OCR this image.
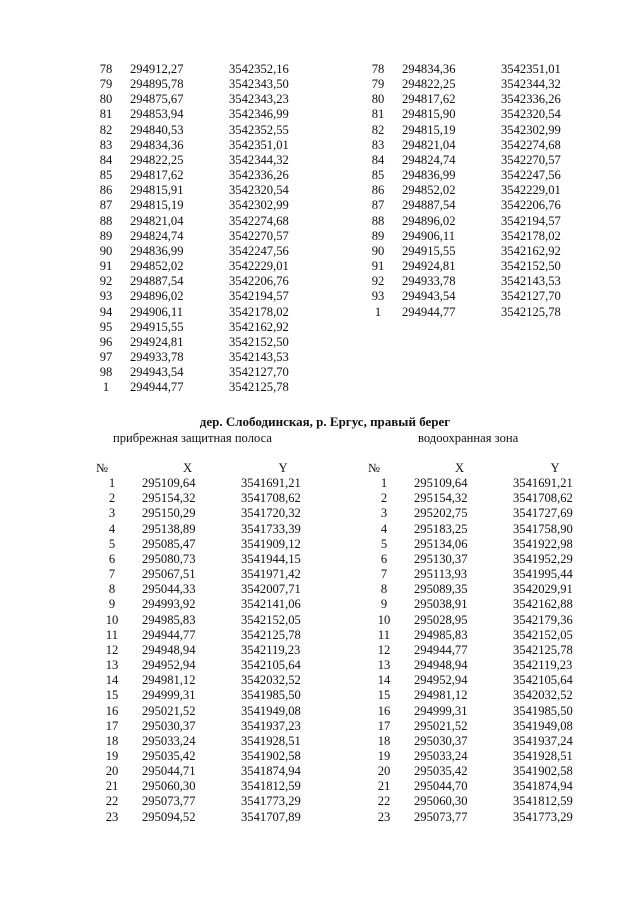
78	294912,27	3542352,16
79	294895,78	3542343,50
80	294875,67	3542343,23
81	294853,94	3542346,99
82	294840,53	3542352,55
83	294834,36	3542351,01
84	294822,25	3542344,32
85	294817,62	3542336,26
86	294815,91	3542320,54
87	294815,19	3542302,99
88	294821,04	3542274,68
89	294824,74	3542270,57
90	294836,99	3542247,56
91	294852,02	3542229,01
92	294887,54	3542206,76
93	294896,02	3542194,57
94	294906,11	3542178,02
95	294915,55	3542162,92
96	294924,81	3542152,50
97	294933,78	3542143,53
98	294943,54	3542127,70
1	294944,77	3542125,78
78	294834,36	3542351,01
79	294822,25	3542344,32
80	294817,62	3542336,26
81	294815,90	3542320,54
82	294815,19	3542302,99
83	294821,04	3542274,68
84	294824,74	3542270,57
85	294836,99	3542247,56
86	294852,02	3542229,01
87	294887,54	3542206,76
88	294896,02	3542194,57
89	294906,11	3542178,02
90	294915,55	3542162,92
91	294924,81	3542152,50
92	294933,78	3542143,53
93	294943,54	3542127,70
1	294944,77	3542125,78
дер. Слободинская, р. Ергус, правый берег
прибрежная защитная полоса	водоохранная зона
№	X	Y
1	295109,64	3541691,21
2	295154,32	3541708,62
3	295150,29	3541720,32
4	295138,89	3541733,39
5	295085,47	3541909,12
6	295080,73	3541944,15
7	295067,51	3541971,42
8	295044,33	3542007,71
9	294993,92	3542141,06
10	294985,83	3542152,05
11	294944,77	3542125,78
12	294948,94	3542119,23
13	294952,94	3542105,64
14	294981,12	3542032,52
15	294999,31	3541985,50
16	295021,52	3541949,08
17	295030,37	3541937,23
18	295033,24	3541928,51
19	295035,42	3541902,58
20	295044,71	3541874,94
21	295060,30	3541812,59
22	295073,77	3541773,29
23	295094,52	3541707,89
№	X	Y
1	295109,64	3541691,21
2	295154,32	3541708,62
3	295202,75	3541727,69
4	295183,25	3541758,90
5	295134,06	3541922,98
6	295130,37	3541952,29
7	295113,93	3541995,44
8	295089,35	3542029,91
9	295038,91	3542162,88
10	295028,95	3542179,36
11	294985,83	3542152,05
12	294944,77	3542125,78
13	294948,94	3542119,23
14	294952,94	3542105,64
15	294981,12	3542032,52
16	294999,31	3541985,50
17	295021,52	3541949,08
18	295030,37	3541937,24
19	295033,24	3541928,51
20	295035,42	3541902,58
21	295044,70	3541874,94
22	295060,30	3541812,59
23	295073,77	3541773,29
